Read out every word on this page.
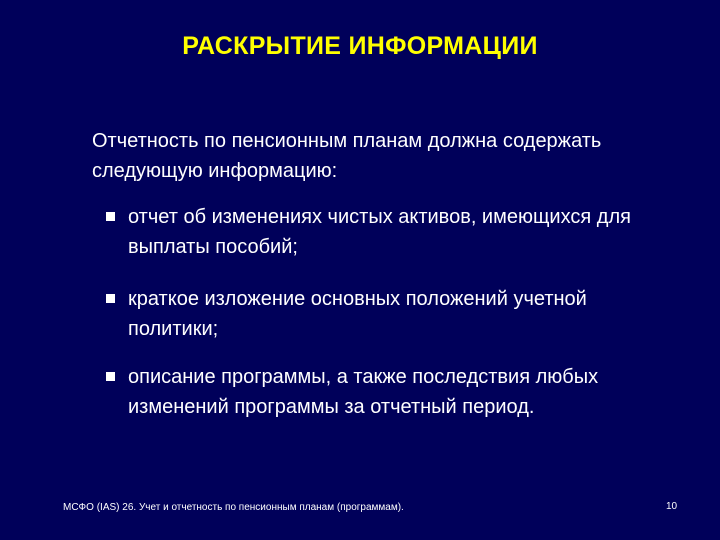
РАСКРЫТИЕ ИНФОРМАЦИИ
Отчетность по пенсионным планам должна содержать следующую информацию:
отчет об изменениях чистых активов, имеющихся для выплаты пособий;
краткое изложение основных положений учетной политики;
описание программы, а также последствия любых изменений программы за отчетный период.
МСФО (IAS) 26. Учет и отчетность по пенсионным планам (программам).	10
